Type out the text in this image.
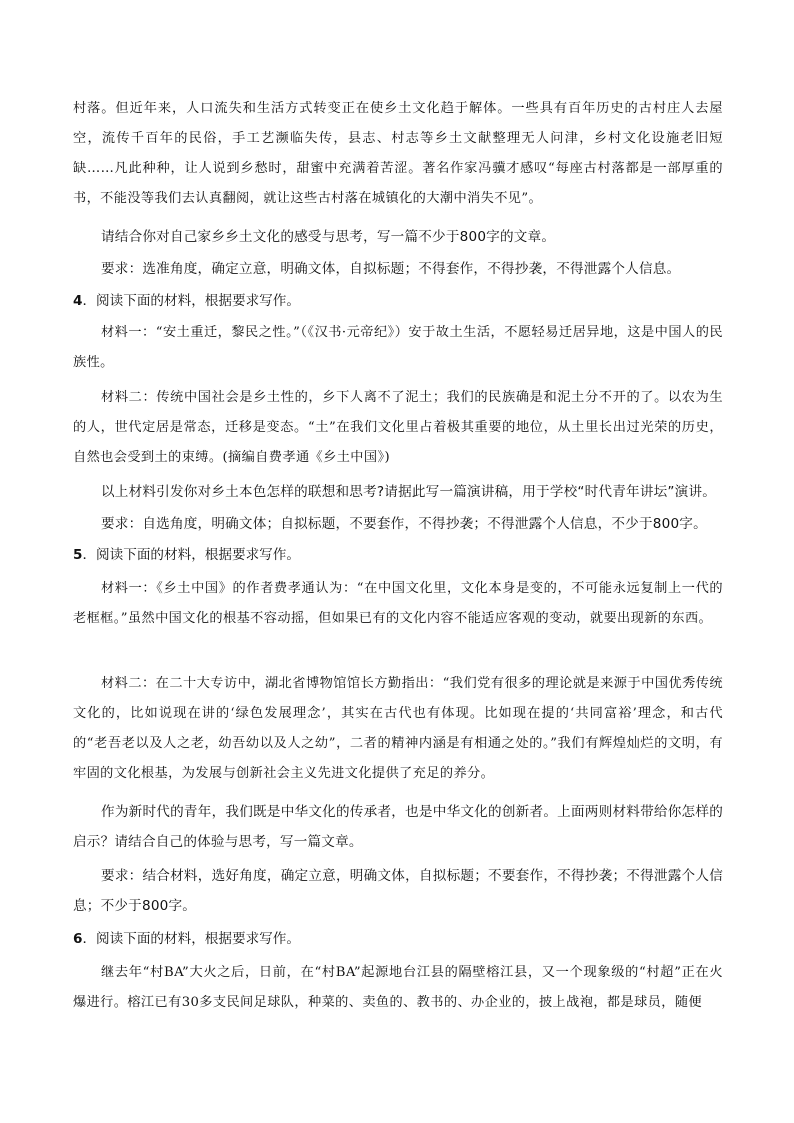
村落。但近年来，人口流失和生活方式转变正在使乡土文化趋于解体。一些具有百年历史的古村庄人去屋空，流传千百年的民俗，手工艺濒临失传，县志、村志等乡土文献整理无人问津，乡村文化设施老旧短缺……凡此种种，让人说到乡愁时，甜蜜中充满着苦涩。著名作家冯骥才感叹“每座古村落都是一部厚重的书，不能没等我们去认真翻阅，就让这些古村落在城镇化的大潮中消失不见”。

请结合你对自己家乡乡土文化的感受与思考，写一篇不少于800字的文章。

要求：选准角度，确定立意，明确文体，自拟标题；不得套作，不得抄袭，不得泄露个人信息。

4．阅读下面的材料，根据要求写作。

材料一：“安土重迁，黎民之性。”（《汉书·元帝纪》）安于故土生活，不愿轻易迁居异地，这是中国人的民族性。

材料二：传统中国社会是乡土性的，乡下人离不了泥土；我们的民族确是和泥土分不开的了。以农为生的人，世代定居是常态，迁移是变态。“土”在我们文化里占着极其重要的地位，从土里长出过光荣的历史，自然也会受到土的束缚。(摘编自费孝通《乡土中国》)

以上材料引发你对乡土本色怎样的联想和思考?请据此写一篇演讲稿，用于学校“时代青年讲坛”演讲。

要求：自选角度，明确文体；自拟标题，不要套作，不得抄袭；不得泄露个人信息，不少于800字。

5．阅读下面的材料，根据要求写作。

材料一：《乡土中国》的作者费孝通认为：“在中国文化里，文化本身是变的，不可能永远复制上一代的老框框。”虽然中国文化的根基不容动摇，但如果已有的文化内容不能适应客观的变动，就要出现新的东西。

材料二：在二十大专访中，湖北省博物馆馆长方勤指出：“我们党有很多的理论就是来源于中国优秀传统文化的，比如说现在讲的‘绿色发展理念’，其实在古代也有体现。比如现在提的‘共同富裕’理念，和古代的“老吾老以及人之老，幼吾幼以及人之幼”，二者的精神内涵是有相通之处的。”我们有辉煌灿烂的文明，有牢固的文化根基，为发展与创新社会主义先进文化提供了充足的养分。

作为新时代的青年，我们既是中华文化的传承者，也是中华文化的创新者。上面两则材料带给你怎样的启示？请结合自己的体验与思考，写一篇文章。

要求：结合材料，选好角度，确定立意，明确文体，自拟标题；不要套作，不得抄袭；不得泄露个人信息；不少于800字。

6．阅读下面的材料，根据要求写作。

继去年“村BA”大火之后，日前，在“村BA”起源地台江县的隔壁榕江县，又一个现象级的“村超”正在火爆进行。榕江已有30多支民间足球队，种菜的、卖鱼的、教书的、办企业的，披上战袍，都是球员，随便
